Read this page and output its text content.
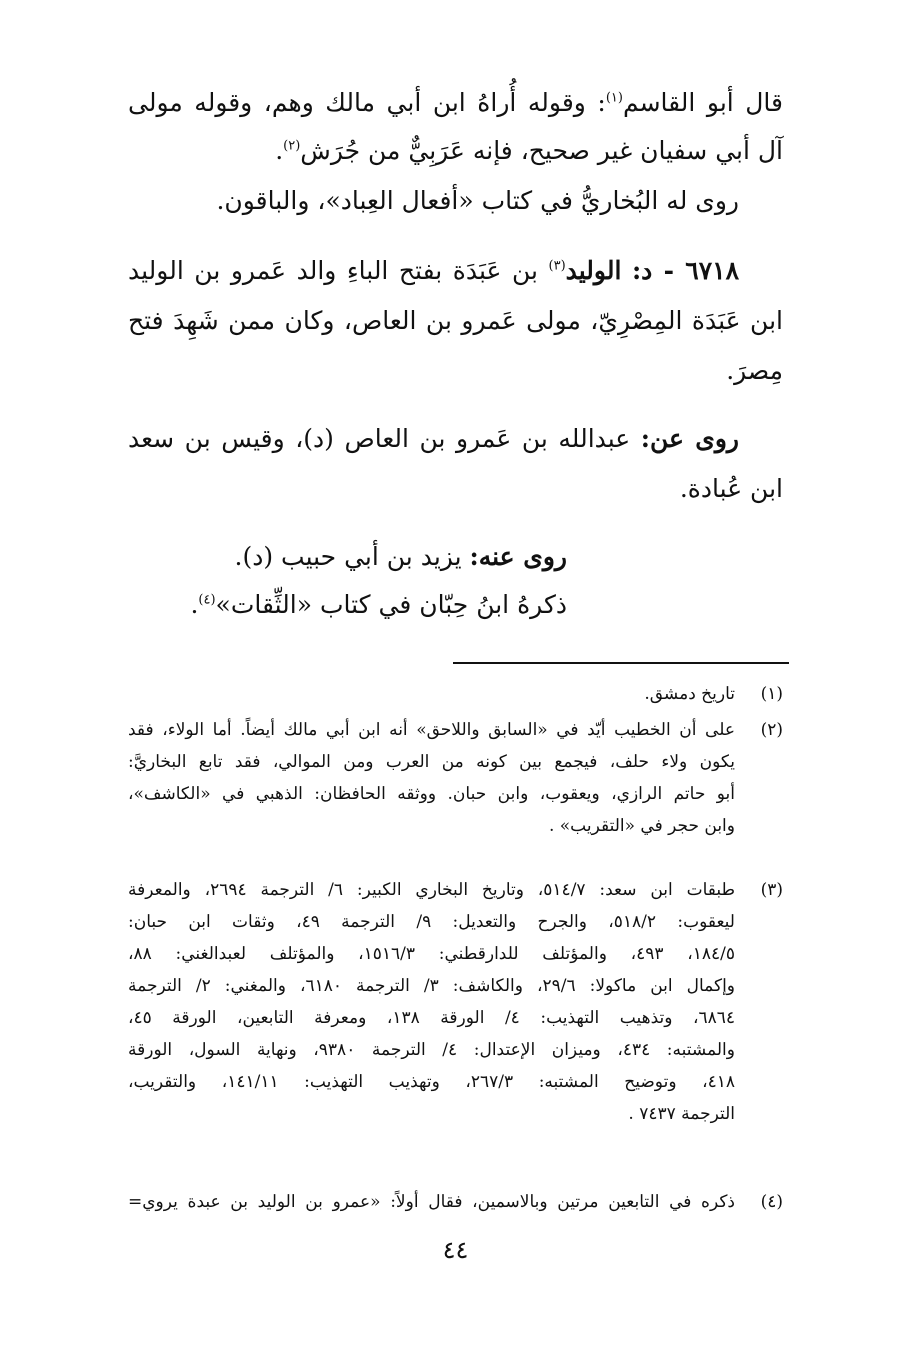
قال أبو القاسم$^{(١)}$: وقوله أُراهُ ابن أبي مالك وهم، وقوله مولى
آل أبي سفيان غير صحيح، فإنه عَرَبِيٌّ من جُرَش$^{(٢)}$.
روى له البُخاريُّ في كتاب «أفعال العِباد»، والباقون.
٦٧١٨ - د: الوليد$^{(٣)}$ بن عَبَدَة بفتح الباءِ والد عَمرو بن الوليد
ابن عَبَدَة المِصْرِيّ، مولى عَمرو بن العاص، وكان ممن شَهِدَ فتح
مِصرَ.
روى عن: عبدالله بن عَمرو بن العاص (د)، وقيس بن سعد
ابن عُبادة.
روى عنه: يزيد بن أبي حبيب (د).
ذكرهُ ابنُ حِبّان في كتاب «الثِّقات»$^{(٤)}$.
(١)
تاريخ دمشق.
(٢)
على أن الخطيب أيّد في «السابق واللاحق» أنه ابن أبي مالك أيضاً. أما الولاء، فقد
يكون ولاء حلف، فيجمع بين كونه من العرب ومن الموالي، فقد تابع البخاريَّ:
أبو حاتم الرازي، ويعقوب، وابن حبان. ووثقه الحافظان: الذهبي في «الكاشف»،
وابن حجر في «التقريب» .
(٣)
طبقات ابن سعد: ٥١٤/٧، وتاريخ البخاري الكبير: ٦/ الترجمة ٢٦٩٤، والمعرفة
ليعقوب: ٥١٨/٢، والجرح والتعديل: ٩/ الترجمة ٤٩، وثقات ابن حبان:
١٨٤/٥، ٤٩٣، والمؤتلف للدارقطني: ١٥١٦/٣، والمؤتلف لعبدالغني: ٨٨،
وإكمال ابن ماكولا: ٢٩/٦، والكاشف: ٣/ الترجمة ٦١٨٠، والمغني: ٢/ الترجمة
٦٨٦٤، وتذهيب التهذيب: ٤/ الورقة ١٣٨، ومعرفة التابعين، الورقة ٤٥،
والمشتبه: ٤٣٤، وميزان الإعتدال: ٤/ الترجمة ٩٣٨٠، ونهاية السول، الورقة
٤١٨، وتوضيح المشتبه: ٢٦٧/٣، وتهذيب التهذيب: ١٤١/١١، والتقريب،
الترجمة ٧٤٣٧ .
(٤)
ذكره في التابعين مرتين وبالاسمين، فقال أولاً: «عمرو بن الوليد بن عبدة يروي=
٤٤
